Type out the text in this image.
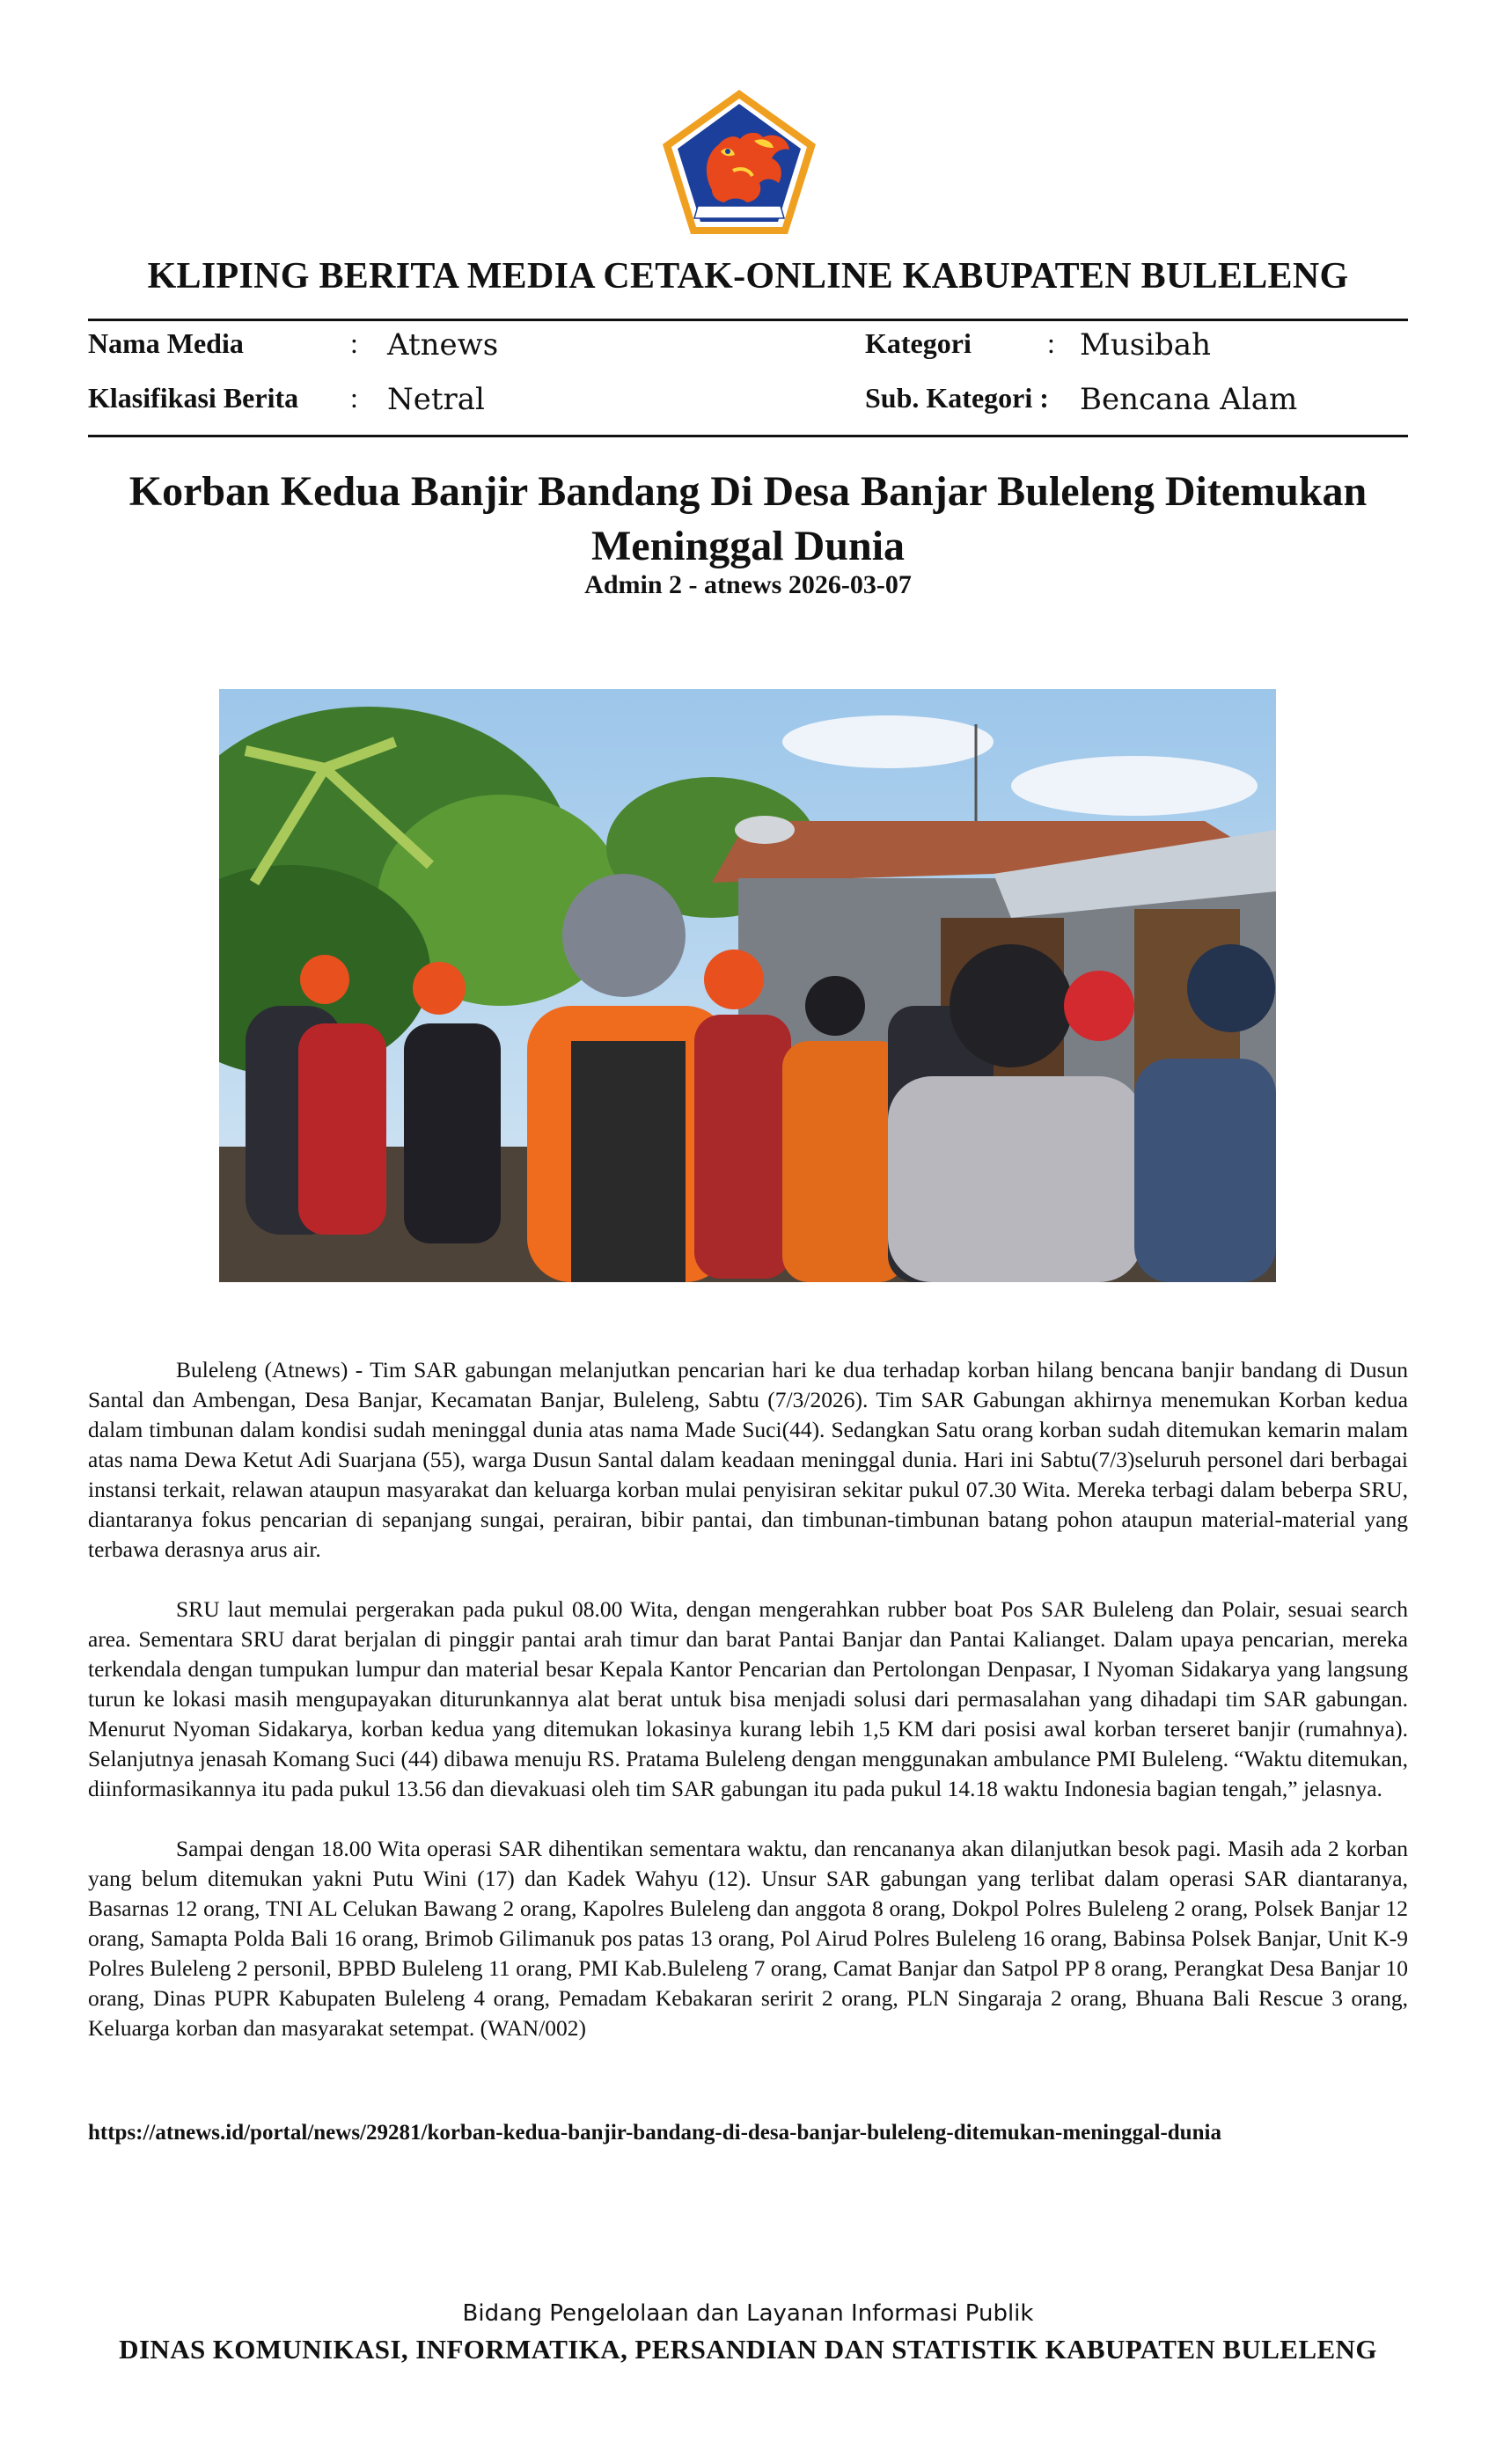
KLIPING BERITA MEDIA CETAK-ONLINE KABUPATEN BULELENG
Nama Media	: Atnews	Kategori	: Musibah
Klasifikasi Berita : Netral	Sub. Kategori : Bencana Alam
Korban Kedua Banjir Bandang Di Desa Banjar Buleleng Ditemukan Meninggal Dunia
Admin 2 - atnews 2026-03-07

Buleleng (Atnews) - Tim SAR gabungan melanjutkan pencarian hari ke dua terhadap korban hilang bencana banjir bandang di Dusun Santal dan Ambengan, Desa Banjar, Kecamatan Banjar, Buleleng, Sabtu (7/3/2026). Tim SAR Gabungan akhirnya menemukan Korban kedua dalam timbunan dalam kondisi sudah meninggal dunia atas nama Made Suci(44). Sedangkan Satu orang korban sudah ditemukan kemarin malam atas nama Dewa Ketut Adi Suarjana (55), warga Dusun Santal dalam keadaan meninggal dunia. Hari ini Sabtu(7/3)seluruh personel dari berbagai instansi terkait, relawan ataupun masyarakat dan keluarga korban mulai penyisiran sekitar pukul 07.30 Wita. Mereka terbagi dalam beberpa SRU, diantaranya fokus pencarian di sepanjang sungai, perairan, bibir pantai, dan timbunan-timbunan batang pohon ataupun material-material yang terbawa derasnya arus air.

SRU laut memulai pergerakan pada pukul 08.00 Wita, dengan mengerahkan rubber boat Pos SAR Buleleng dan Polair, sesuai search area. Sementara SRU darat berjalan di pinggir pantai arah timur dan barat Pantai Banjar dan Pantai Kalianget. Dalam upaya pencarian, mereka terkendala dengan tumpukan lumpur dan material besar Kepala Kantor Pencarian dan Pertolongan Denpasar, I Nyoman Sidakarya yang langsung turun ke lokasi masih mengupayakan diturunkannya alat berat untuk bisa menjadi solusi dari permasalahan yang dihadapi tim SAR gabungan. Menurut Nyoman Sidakarya, korban kedua yang ditemukan lokasinya kurang lebih 1,5 KM dari posisi awal korban terseret banjir (rumahnya). Selanjutnya jenasah Komang Suci (44) dibawa menuju RS. Pratama Buleleng dengan menggunakan ambulance PMI Buleleng. “Waktu ditemukan, diinformasikannya itu pada pukul 13.56 dan dievakuasi oleh tim SAR gabungan itu pada pukul 14.18 waktu Indonesia bagian tengah,” jelasnya.

Sampai dengan 18.00 Wita operasi SAR dihentikan sementara waktu, dan rencananya akan dilanjutkan besok pagi. Masih ada 2 korban yang belum ditemukan yakni Putu Wini (17) dan Kadek Wahyu (12). Unsur SAR gabungan yang terlibat dalam operasi SAR diantaranya, Basarnas 12 orang, TNI AL Celukan Bawang 2 orang, Kapolres Buleleng dan anggota 8 orang, Dokpol Polres Buleleng 2 orang, Polsek Banjar 12 orang, Samapta Polda Bali 16 orang, Brimob Gilimanuk pos patas 13 orang, Pol Airud Polres Buleleng 16 orang, Babinsa Polsek Banjar, Unit K-9 Polres Buleleng 2 personil, BPBD Buleleng 11 orang, PMI Kab.Buleleng 7 orang, Camat Banjar dan Satpol PP 8 orang, Perangkat Desa Banjar 10 orang, Dinas PUPR Kabupaten Buleleng 4 orang, Pemadam Kebakaran seririt 2 orang, PLN Singaraja 2 orang, Bhuana Bali Rescue 3 orang, Keluarga korban dan masyarakat setempat. (WAN/002)

https://atnews.id/portal/news/29281/korban-kedua-banjir-bandang-di-desa-banjar-buleleng-ditemukan-meninggal-dunia
Bidang Pengelolaan dan Layanan Informasi Publik
DINAS KOMUNIKASI, INFORMATIKA, PERSANDIAN DAN STATISTIK KABUPATEN BULELENG
